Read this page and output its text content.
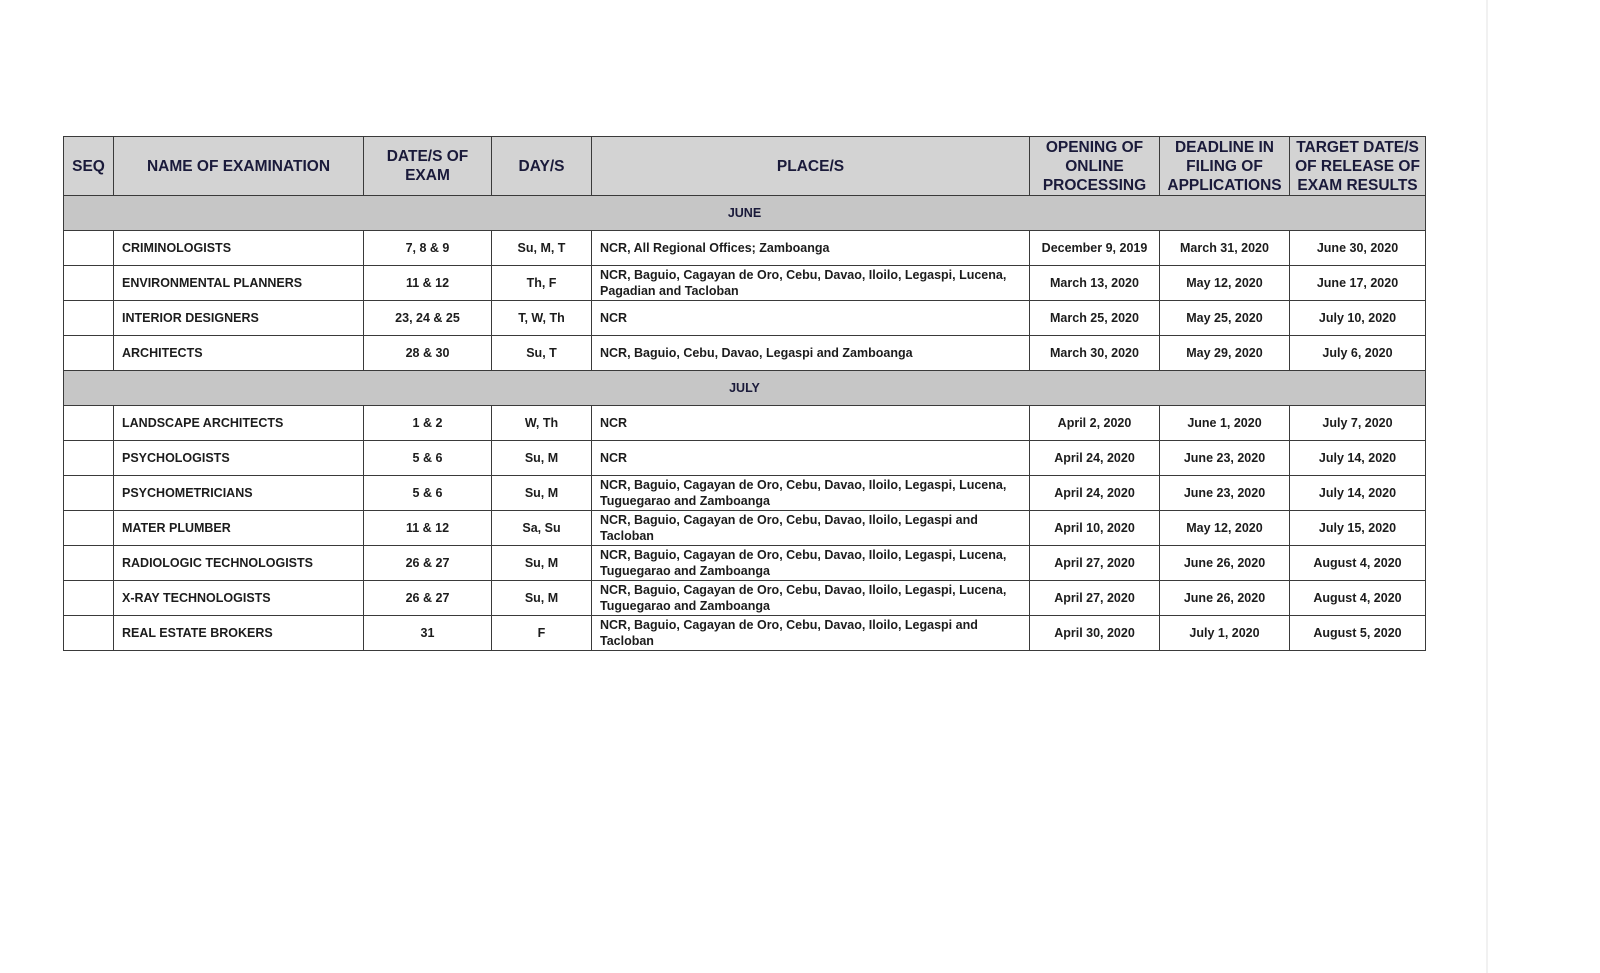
SEQ	NAME OF EXAMINATION	DATE/S OF EXAM	DAY/S	PLACE/S	OPENING OF ONLINE PROCESSING	DEADLINE IN FILING OF APPLICATIONS	TARGET DATE/S OF RELEASE OF EXAM RESULTS
JUNE							
	CRIMINOLOGISTS	7, 8 & 9	Su, M, T	NCR, All Regional Offices; Zamboanga	December 9, 2019	March 31, 2020	June 30, 2020
	ENVIRONMENTAL PLANNERS	11 & 12	Th, F	NCR, Baguio, Cagayan de Oro, Cebu, Davao, Iloilo, Legaspi, Lucena, Pagadian and Tacloban	March 13, 2020	May 12, 2020	June 17, 2020
	INTERIOR DESIGNERS	23, 24 & 25	T, W, Th	NCR	March 25, 2020	May 25, 2020	July 10, 2020
	ARCHITECTS	28 & 30	Su, T	NCR, Baguio, Cebu, Davao, Legaspi and Zamboanga	March 30, 2020	May 29, 2020	July 6, 2020
JULY							
	LANDSCAPE ARCHITECTS	1 & 2	W, Th	NCR	April 2, 2020	June 1, 2020	July 7, 2020
	PSYCHOLOGISTS	5 & 6	Su, M	NCR	April 24, 2020	June 23, 2020	July 14, 2020
	PSYCHOMETRICIANS	5 & 6	Su, M	NCR, Baguio, Cagayan de Oro, Cebu, Davao, Iloilo, Legaspi, Lucena, Tuguegarao and Zamboanga	April 24, 2020	June 23, 2020	July 14, 2020
	MATER PLUMBER	11 & 12	Sa, Su	NCR, Baguio, Cagayan de Oro, Cebu, Davao, Iloilo, Legaspi and Tacloban	April 10, 2020	May 12, 2020	July 15, 2020
	RADIOLOGIC TECHNOLOGISTS	26 & 27	Su, M	NCR, Baguio, Cagayan de Oro, Cebu, Davao, Iloilo, Legaspi, Lucena, Tuguegarao and Zamboanga	April 27, 2020	June 26, 2020	August 4, 2020
	X-RAY TECHNOLOGISTS	26 & 27	Su, M	NCR, Baguio, Cagayan de Oro, Cebu, Davao, Iloilo, Legaspi, Lucena, Tuguegarao and Zamboanga	April 27, 2020	June 26, 2020	August 4, 2020
	REAL ESTATE BROKERS	31	F	NCR, Baguio, Cagayan de Oro, Cebu, Davao, Iloilo, Legaspi and Tacloban	April 30, 2020	July 1, 2020	August 5, 2020
